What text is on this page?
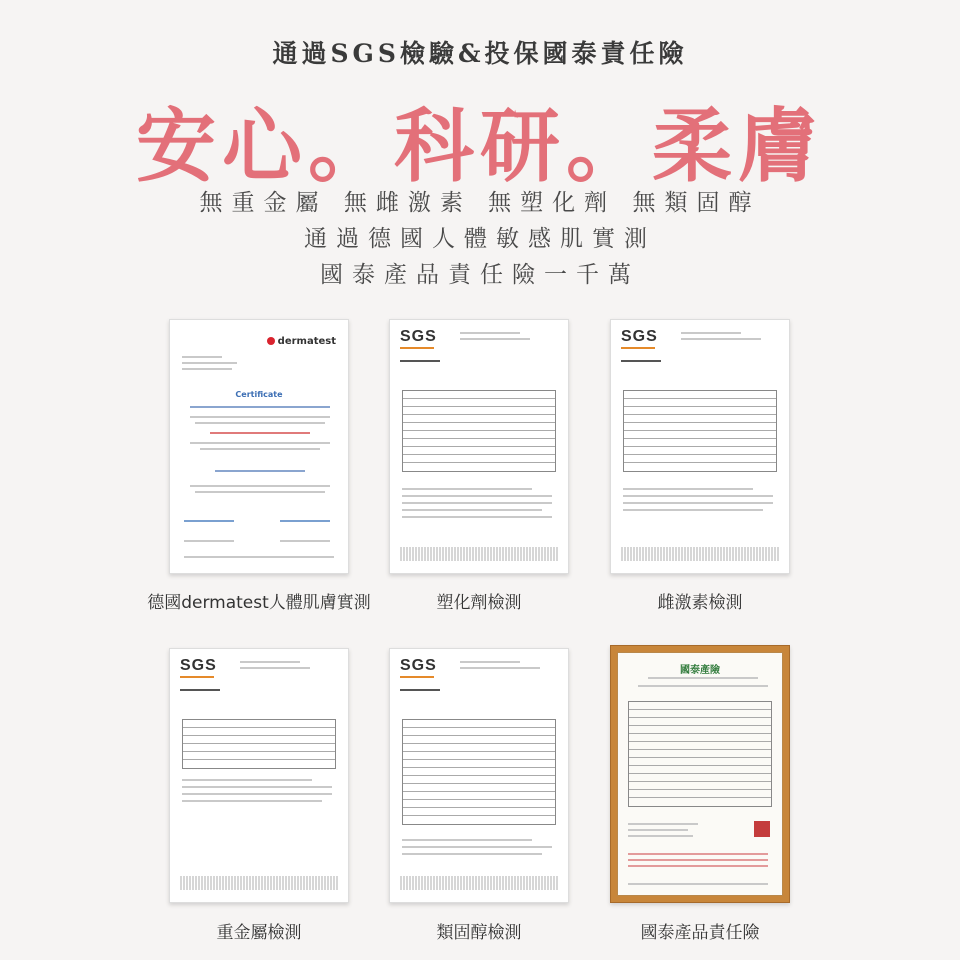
通過SGS檢驗&投保國泰責任險
安心。科研。柔膚
無重金屬 無雌激素 無塑化劑 無類固醇
通過德國人體敏感肌實測
國泰產品責任險一千萬
dermatest
Certificate
德國dermatest人體肌膚實測
SGS
塑化劑檢測
SGS
雌激素檢測
SGS
重金屬檢測
SGS
類固醇檢測
國泰產險
國泰產品責任險
